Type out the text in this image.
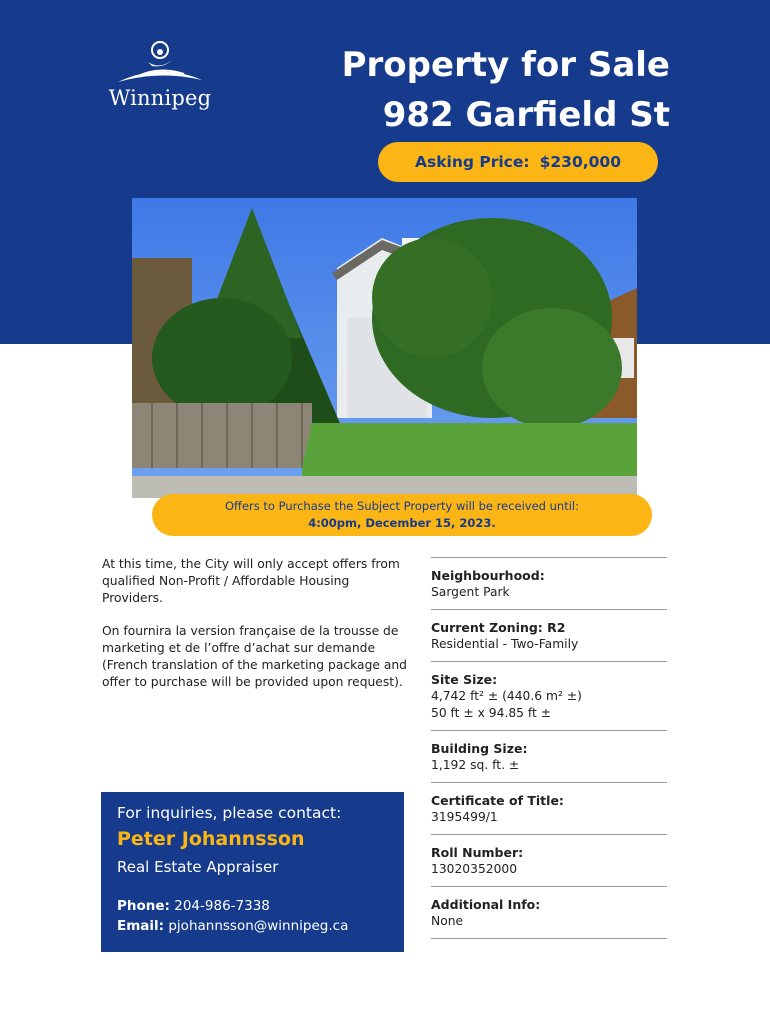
Winnipeg
Property for Sale
982 Garfield St
Asking Price: $230,000
Offers to Purchase the Subject Property will be received until:
4:00pm, December 15, 2023.

At this time, the City will only accept offers from qualified Non-Profit / Affordable Housing Providers.

On fournira la version française de la trousse de marketing et de l’offre d’achat sur demande (French translation of the marketing package and offer to purchase will be provided upon request).

For inquiries, please contact:
Peter Johannsson
Real Estate Appraiser
Phone: 204-986-7338
Email: pjohannsson@winnipeg.ca
Neighbourhood:
Sargent Park
Current Zoning: R2
Residential - Two-Family
Site Size:
4,742 ft² ± (440.6 m² ±)
50 ft ± x 94.85 ft ±
Building Size:
1,192 sq. ft. ±
Certificate of Title:
3195499/1
Roll Number:
13020352000
Additional Info:
None
